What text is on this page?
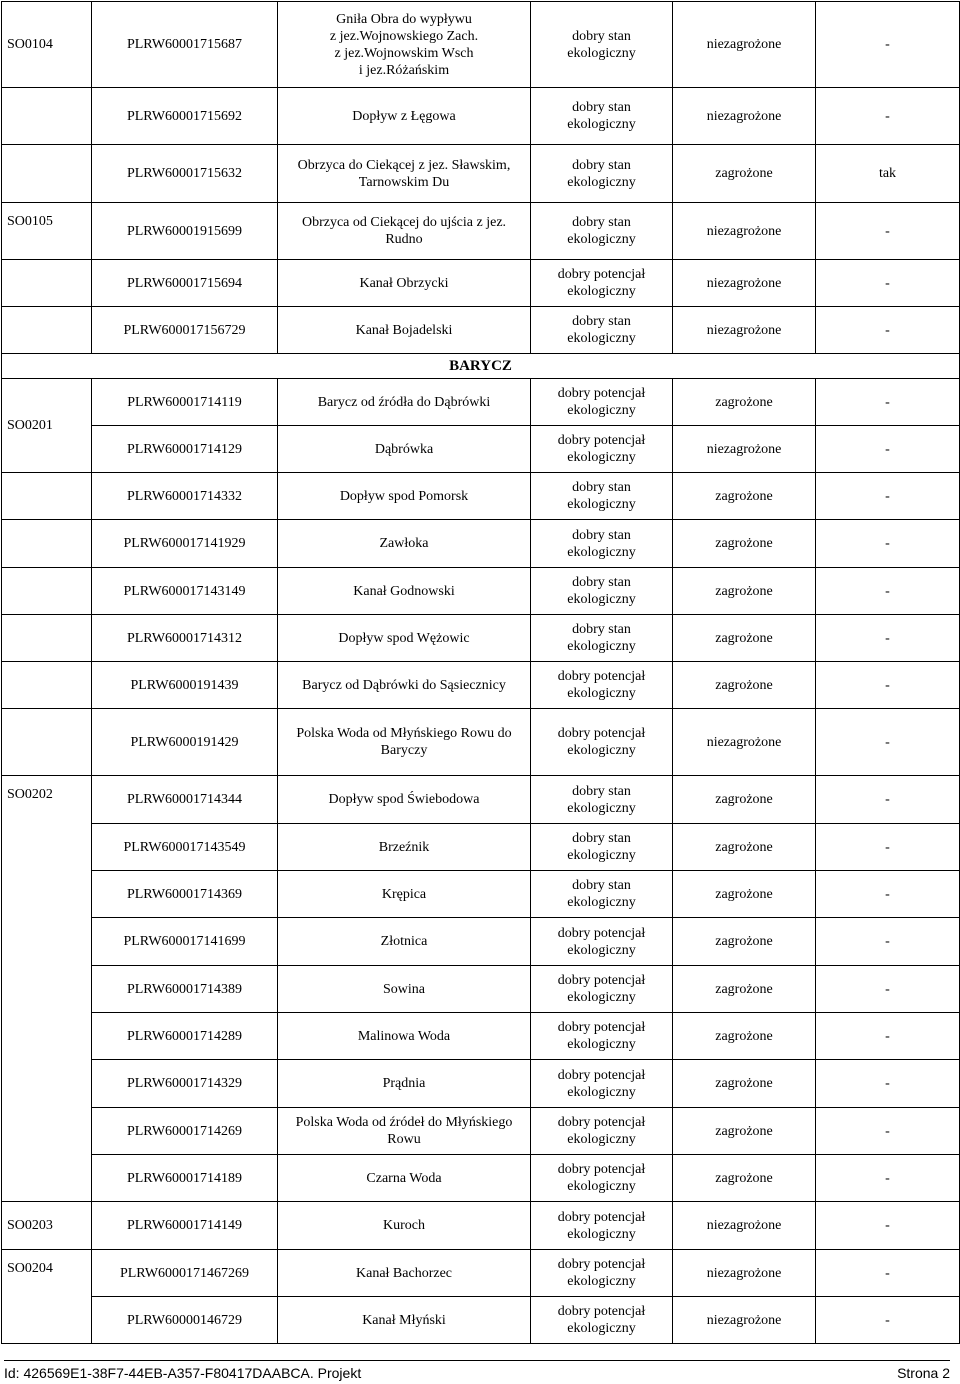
SO0104	PLRW60001715687	Gniła Obra do wypływu
z jez.Wojnowskiego Zach.
z jez.Wojnowskim Wsch
i jez.Różańskim	dobry stan
ekologiczny	niezagrożone	-
	PLRW60001715692	Dopływ z Łęgowa	dobry stan
ekologiczny	niezagrożone	-
	PLRW60001715632	Obrzyca do Ciekącej z jez. Sławskim,
Tarnowskim Du	dobry stan
ekologiczny	zagrożone	tak
SO0105	PLRW60001915699	Obrzyca od Ciekącej do ujścia z jez.
Rudno	dobry stan
ekologiczny	niezagrożone	-
	PLRW60001715694	Kanał Obrzycki	dobry potencjał
ekologiczny	niezagrożone	-
	PLRW600017156729	Kanał Bojadelski	dobry stan
ekologiczny	niezagrożone	-
BARYCZ					
SO0201	PLRW60001714119	Barycz od źródła do Dąbrówki	dobry potencjał
ekologiczny	zagrożone	-
	PLRW60001714129	Dąbrówka	dobry potencjał
ekologiczny	niezagrożone	-
	PLRW60001714332	Dopływ spod Pomorsk	dobry stan
ekologiczny	zagrożone	-
	PLRW600017141929	Zawłoka	dobry stan
ekologiczny	zagrożone	-
	PLRW600017143149	Kanał Godnowski	dobry stan
ekologiczny	zagrożone	-
	PLRW60001714312	Dopływ spod Wężowic	dobry stan
ekologiczny	zagrożone	-
	PLRW6000191439	Barycz od Dąbrówki do Sąsiecznicy	dobry potencjał
ekologiczny	zagrożone	-
	PLRW6000191429	Polska Woda od Młyńskiego Rowu do
Baryczy	dobry potencjał
ekologiczny	niezagrożone	-
SO0202	PLRW60001714344	Dopływ spod Świebodowa	dobry stan
ekologiczny	zagrożone	-
	PLRW600017143549	Brzeźnik	dobry stan
ekologiczny	zagrożone	-
	PLRW60001714369	Krępica	dobry stan
ekologiczny	zagrożone	-
	PLRW600017141699	Złotnica	dobry potencjał
ekologiczny	zagrożone	-
	PLRW60001714389	Sowina	dobry potencjał
ekologiczny	zagrożone	-
	PLRW60001714289	Malinowa Woda	dobry potencjał
ekologiczny	zagrożone	-
	PLRW60001714329	Prądnia	dobry potencjał
ekologiczny	zagrożone	-
	PLRW60001714269	Polska Woda od źródeł do Młyńskiego
Rowu	dobry potencjał
ekologiczny	zagrożone	-
	PLRW60001714189	Czarna Woda	dobry potencjał
ekologiczny	zagrożone	-
SO0203	PLRW60001714149	Kuroch	dobry potencjał
ekologiczny	niezagrożone	-
SO0204	PLRW6000171467269	Kanał Bachorzec	dobry potencjał
ekologiczny	niezagrożone	-
	PLRW60000146729	Kanał Młyński	dobry potencjał
ekologiczny	niezagrożone	-
Id: 426569E1-38F7-44EB-A357-F80417DAABCA. Projekt	Strona 2
